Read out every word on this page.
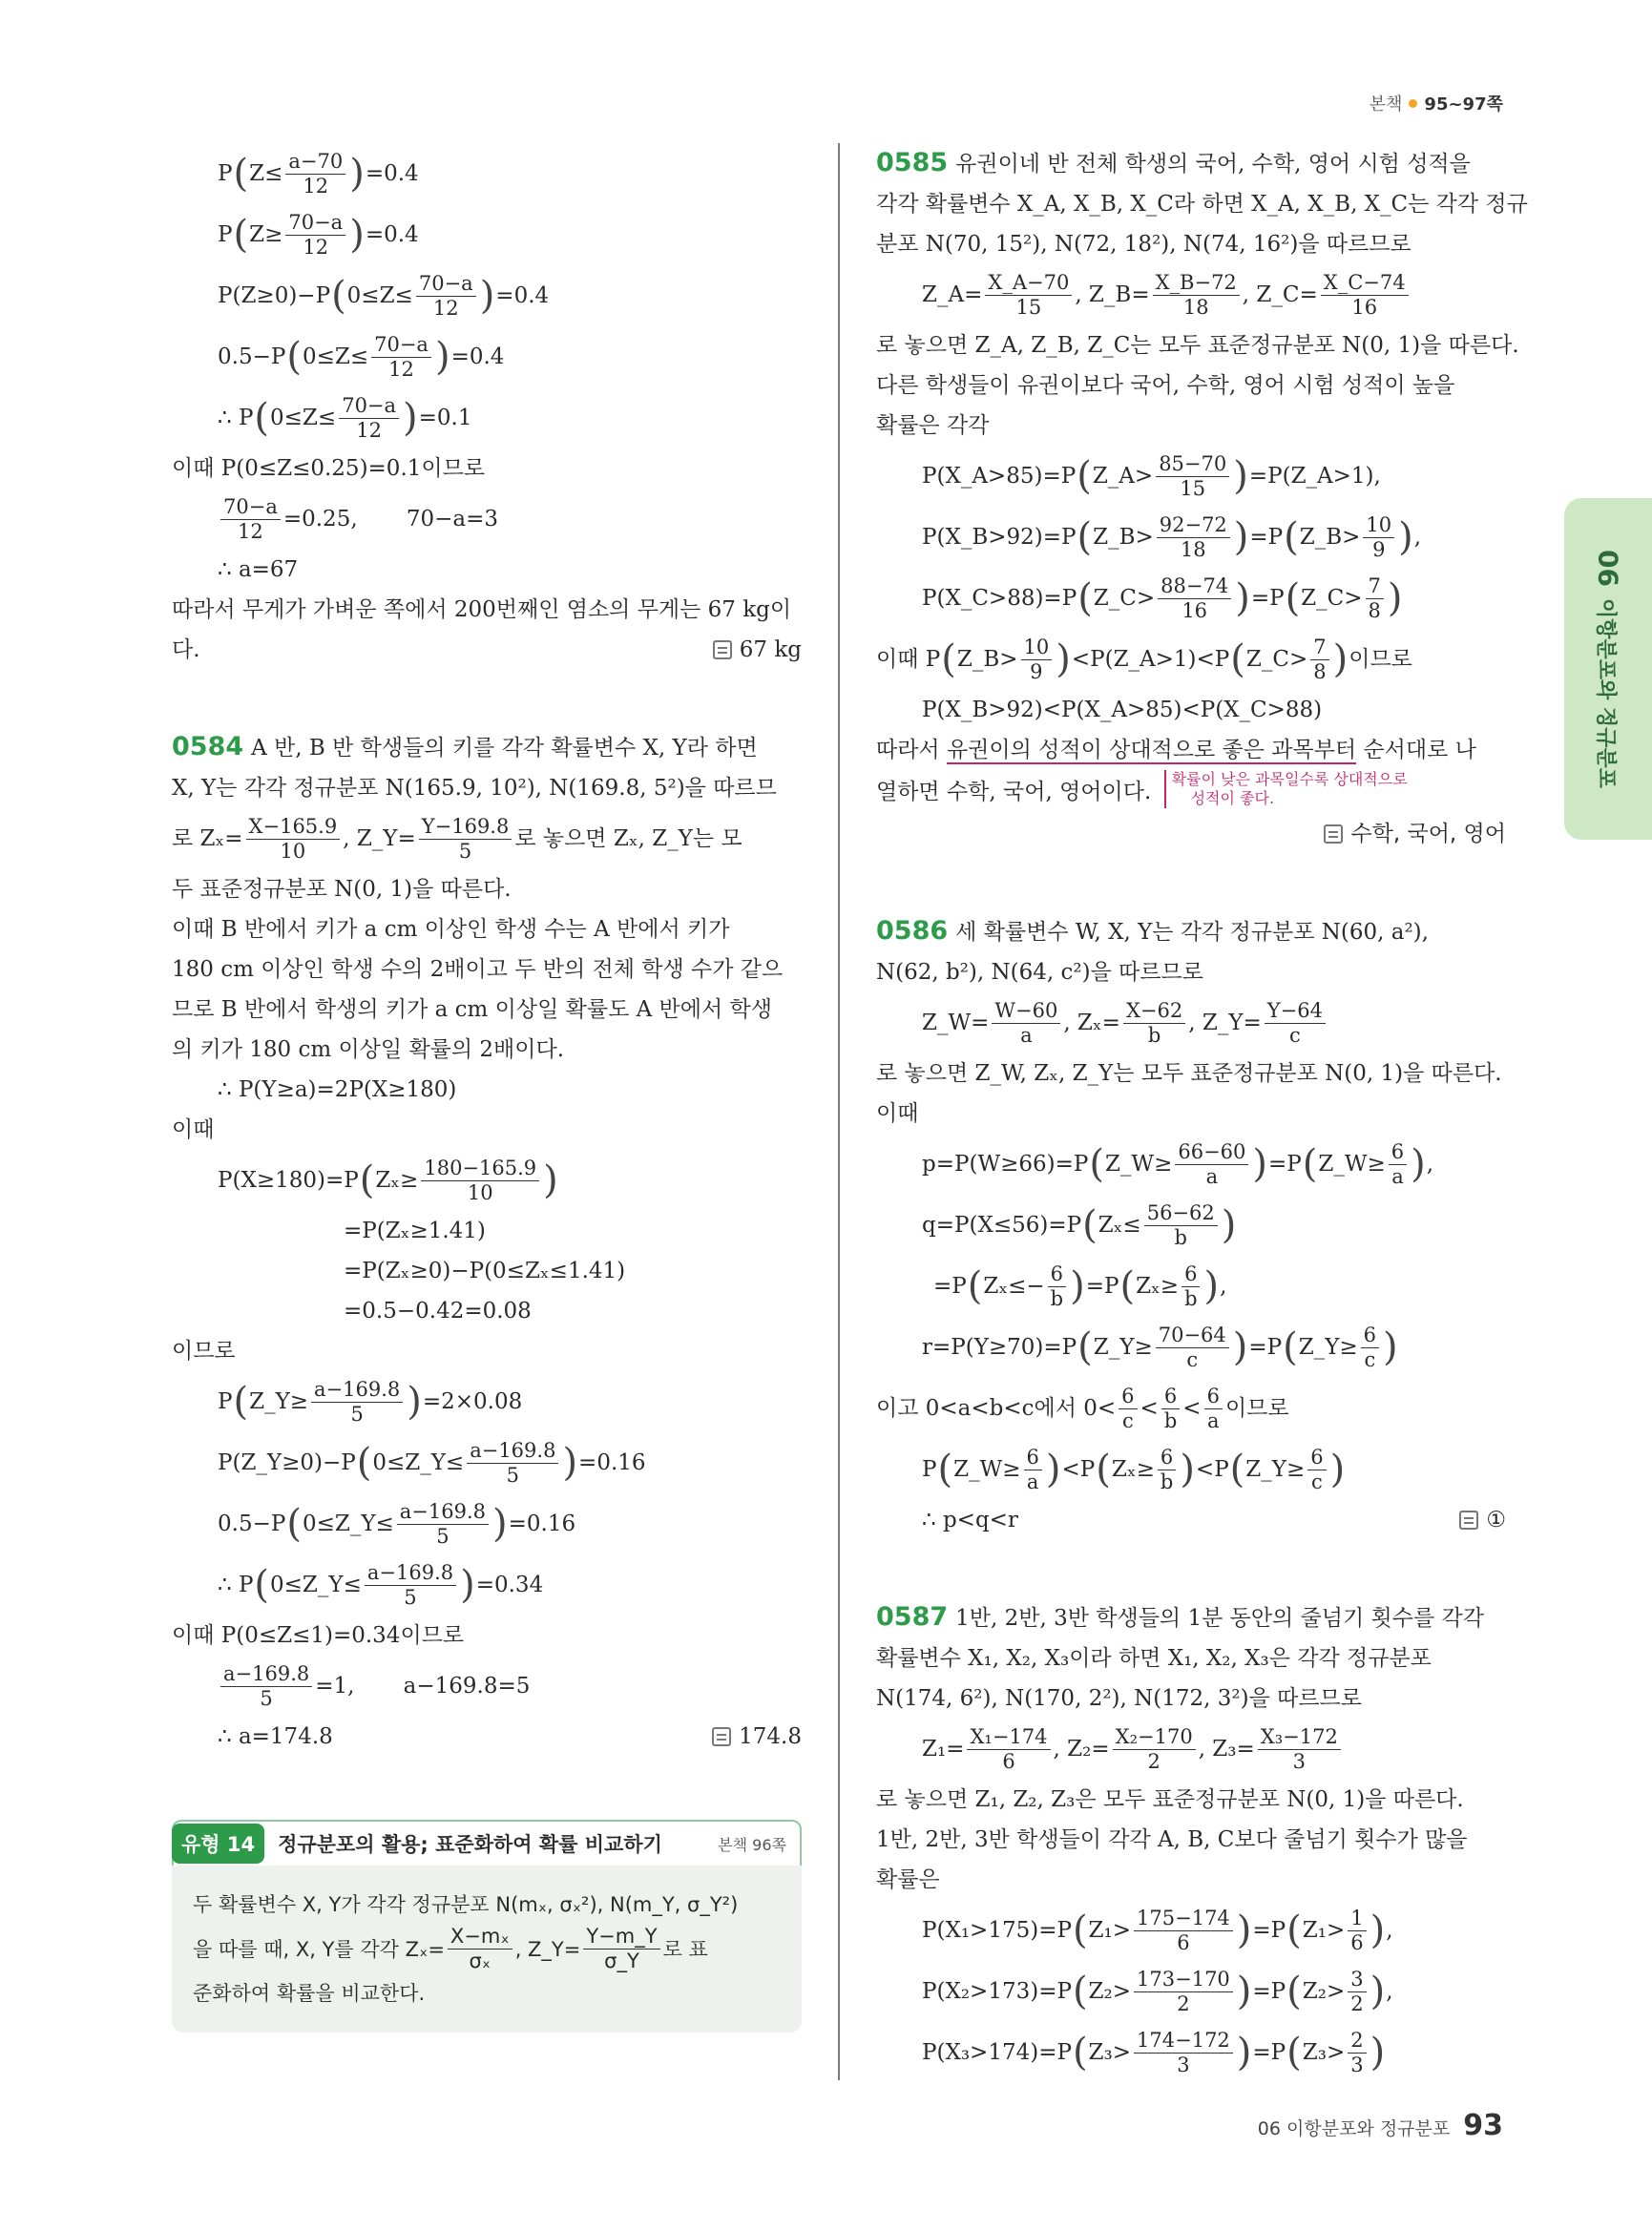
본책 95~97쪽
P ( $Z\le \frac{a-70}{12}$ ) =0.4
P ( $Z\ge \frac{70-a}{12}$ ) =0.4
P(Z≥0)−P ( $0\le Z\le \frac{70-a}{12}$ ) =0.4
0.5−P ( $0\le Z\le \frac{70-a}{12}$ ) =0.4
∴ P ( $0\le Z\le \frac{70-a}{12}$ ) =0.1
이때 P(0≤Z≤0.25)=0.1이므로
$\frac{70-a}{12} =0.25$,       70−a=3
∴ a=67
따라서 무게가 가벼운 쪽에서 200번째인 염소의 무게는 67 kg이
다.	67 kg
0584 A 반, B 반 학생들의 키를 각각 확률변수 X, Y라 하면
X, Y는 각각 정규분포 N(165.9, 10²), N(169.8, 5²)을 따르므
로 $Z_x= \frac{X-165.9}{10}$ , Z_Y= $\frac{Y-169.8}{5}$ 로 놓으면 Zₓ, Z_Y는 모
두 표준정규분포 N(0, 1)을 따른다.
이때 B 반에서 키가 a cm 이상인 학생 수는 A 반에서 키가
180 cm 이상인 학생 수의 2배이고 두 반의 전체 학생 수가 같으
므로 B 반에서 학생의 키가 a cm 이상일 확률도 A 반에서 학생
의 키가 180 cm 이상일 확률의 2배이다.
∴ P(Y≥a)=2P(X≥180)
이때
P(X≥180)=P ( $Z_x\ge \frac{180-165.9}{10}$ )
=P(Zₓ≥1.41)
=P(Zₓ≥0)−P(0≤Zₓ≤1.41)
=0.5−0.42=0.08
이므로
P ( Z_Y≥ $\frac{a-169.8}{5}$ ) =2×0.08
P(Z_Y≥0)−P ( 0≤Z_Y≤ $\frac{a-169.8}{5}$ ) =0.16
0.5−P ( 0≤Z_Y≤ $\frac{a-169.8}{5}$ ) =0.16
∴ P ( 0≤Z_Y≤ $\frac{a-169.8}{5}$ ) =0.34
이때 P(0≤Z≤1)=0.34이므로
$\frac{a-169.8}{5} =1$,       a−169.8=5
∴ a=174.8	174.8
유형 14	정규분포의 활용; 표준화하여 확률 비교하기	본책 96쪽
두 확률변수 X, Y가 각각 정규분포 N(mₓ, σₓ²), N(m_Y, σ_Y²)
을 따를 때, X, Y를 각각 $Z_x= \frac{\text{X−mₓ}}{\text{σₓ}}$ , Z_Y= $\frac{Y-m\_Y}{\sigma\_Y}$ 로 표
준화하여 확률을 비교한다.
0585 유권이네 반 전체 학생의 국어, 수학, 영어 시험 성적을
각각 확률변수 X_A, X_B, X_C라 하면 X_A, X_B, X_C는 각각 정규
분포 N(70, 15²), N(72, 18²), N(74, 16²)을 따르므로
Z_A= $\frac{X\_A-70}{15}$ , Z_B= $\frac{X\_B-72}{18}$ , Z_C= $\frac{X\_C-74}{16}$
로 놓으면 Z_A, Z_B, Z_C는 모두 표준정규분포 N(0, 1)을 따른다.
다른 학생들이 유권이보다 국어, 수학, 영어 시험 성적이 높을
확률은 각각
P(X_A>85)=P ( Z_A> $\frac{85-70}{15}$ ) =P(Z_A>1),
P(X_B>92)=P ( Z_B> $\frac{92-72}{18}$ ) =P ( Z_B> $\frac{10}{9}$ ) ,
P(X_C>88)=P ( Z_C> $\frac{88-74}{16}$ ) =P ( Z_C> $\frac{7}{8}$ )
이때 P ( Z_B> $\frac{10}{9}$ ) <P(Z_A>1)<P ( Z_C> $\frac{7}{8}$ ) 이므로
P(X_B>92)<P(X_A>85)<P(X_C>88)
따라서 유권이의 성적이 상대적으로 좋은 과목부터 순서대로 나
열하면 수학, 국어, 영어이다. 확률이 낮은 과목일수록 상대적으로
성적이 좋다.
수학, 국어, 영어
0586 세 확률변수 W, X, Y는 각각 정규분포 N(60, a²),
N(62, b²), N(64, c²)을 따르므로
Z_W= $\frac{W-60}{a}$ , $Z_x= \frac{X-62}{b}$ , Z_Y= $\frac{Y-64}{c}$
로 놓으면 Z_W, Zₓ, Z_Y는 모두 표준정규분포 N(0, 1)을 따른다.
이때
p=P(W≥66)=P ( Z_W≥ $\frac{66-60}{a}$ ) =P ( Z_W≥ $\frac{6}{a}$ ) ,
q=P(X≤56)=P ( $Z_x\le \frac{56-62}{b}$ )
=P ( $Z_x\le- \frac{6}{b}$ ) =P ( $Z_x\ge \frac{6}{b}$ ) ,
r=P(Y≥70)=P ( Z_Y≥ $\frac{70-64}{c}$ ) =P ( Z_Y≥ $\frac{6}{c}$ )
이고 0<a<b<c에서 $0< \frac{6}{c} < \frac{6}{b} < \frac{6}{a}$ 이므로
P ( Z_W≥ $\frac{6}{a}$ ) <P ( $Z_x\ge \frac{6}{b}$ ) <P ( Z_Y≥ $\frac{6}{c}$ )
∴ p<q<r	①
0587 1반, 2반, 3반 학생들의 1분 동안의 줄넘기 횟수를 각각
확률변수 X₁, X₂, X₃이라 하면 X₁, X₂, X₃은 각각 정규분포
N(174, 6²), N(170, 2²), N(172, 3²)을 따르므로
$Z_1= \frac{\text{X₁−174}}{6}$ , $Z_2= \frac{\text{X₂−170}}{2}$ , $Z_3= \frac{\text{X₃−172}}{3}$
로 놓으면 Z₁, Z₂, Z₃은 모두 표준정규분포 N(0, 1)을 따른다.
1반, 2반, 3반 학생들이 각각 A, B, C보다 줄넘기 횟수가 많을
확률은
P(X₁>175)=P ( $Z_1> \frac{175-174}{6}$ ) =P ( $Z_1> \frac{1}{6}$ ) ,
P(X₂>173)=P ( $Z_2> \frac{173-170}{2}$ ) =P ( $Z_2> \frac{3}{2}$ ) ,
P(X₃>174)=P ( $Z_3> \frac{174-172}{3}$ ) =P ( $Z_3> \frac{2}{3}$ )
06이항분포와 정규분포
06 이항분포와 정규분포 93
